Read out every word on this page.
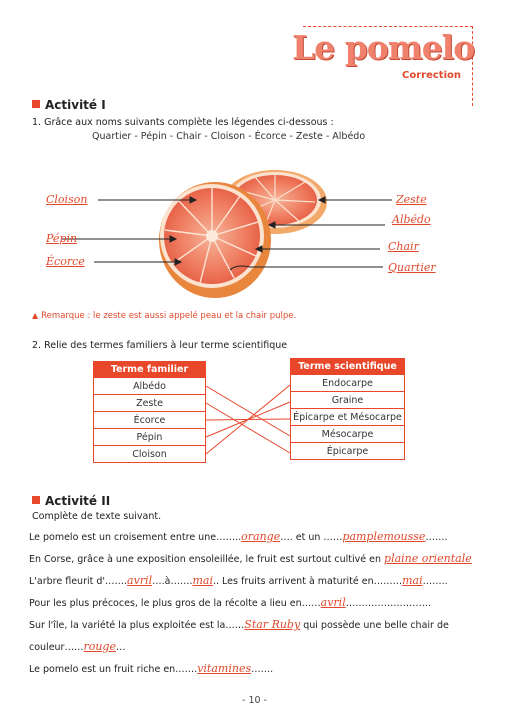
Le pomelo
Correction
Activité I
1. Grâce aux noms suivants complète les légendes ci-dessous :
Quartier - Pépin - Chair - Cloison - Écorce - Zeste - Albédo
Cloison
Pépin
Écorce
Zeste
Albédo
Chair
Quartier
▲ Remarque : le zeste est aussi appelé peau et la chair pulpe.
2. Relie des termes familiers à leur terme scientifique
Terme familier
Albédo
Zeste
Écorce
Pépin
Cloison
Terme scientifique
Endocarpe
Graine
Épicarpe et Mésocarpe
Mésocarpe
Épicarpe
Activité II
Complète de texte suivant.
Le pomelo est un croisement entre une……..orange…. et un ……pamplemousse…….
En Corse, grâce à une exposition ensoleillée, le fruit est surtout cultivé en plaine orientale
L'arbre fleurit d'…….avril….à…….mai.. Les fruits arrivent à maturité en………mai……..
Pour les plus précoces, le plus gros de la récolte a lieu en……avril………………………
Sur l'île, la variété la plus exploitée est la……Star Ruby qui possède une belle chair de
couleur……rouge…
Le pomelo est un fruit riche en…….vitamines…….
- 10 -
